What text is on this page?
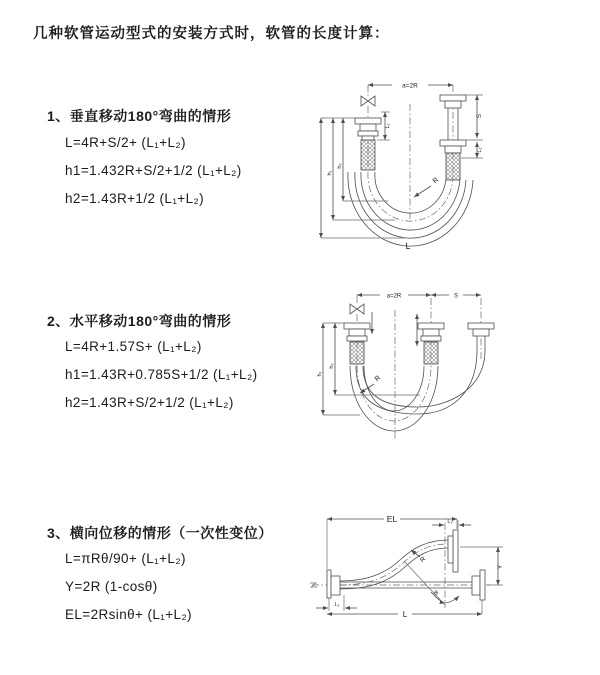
几种软管运动型式的安装方式时，软管的长度计算：
1、垂直移动180°弯曲的情形
L=4R+S/2+ (L₁+L₂)
h1=1.432R+S/2+1/2 (L₁+L₂)
h2=1.43R+1/2 (L₁+L₂)
2、水平移动180°弯曲的情形
L=4R+1.57S+ (L₁+L₂)
h1=1.43R+0.785S+1/2 (L₁+L₂)
h2=1.43R+S/2+1/2 (L₁+L₂)
3、横向位移的情形（一次性变位）
L=πRθ/90+ (L₁+L₂)
Y=2R (1-cosθ)
EL=2Rsinθ+ (L₁+L₂)
a=2R
L₁
S
L₂
R
h₁
h₂
L
a=2R	S
R
h₁
h₂
EL	L₂
θ
R
Y
L₁
L
